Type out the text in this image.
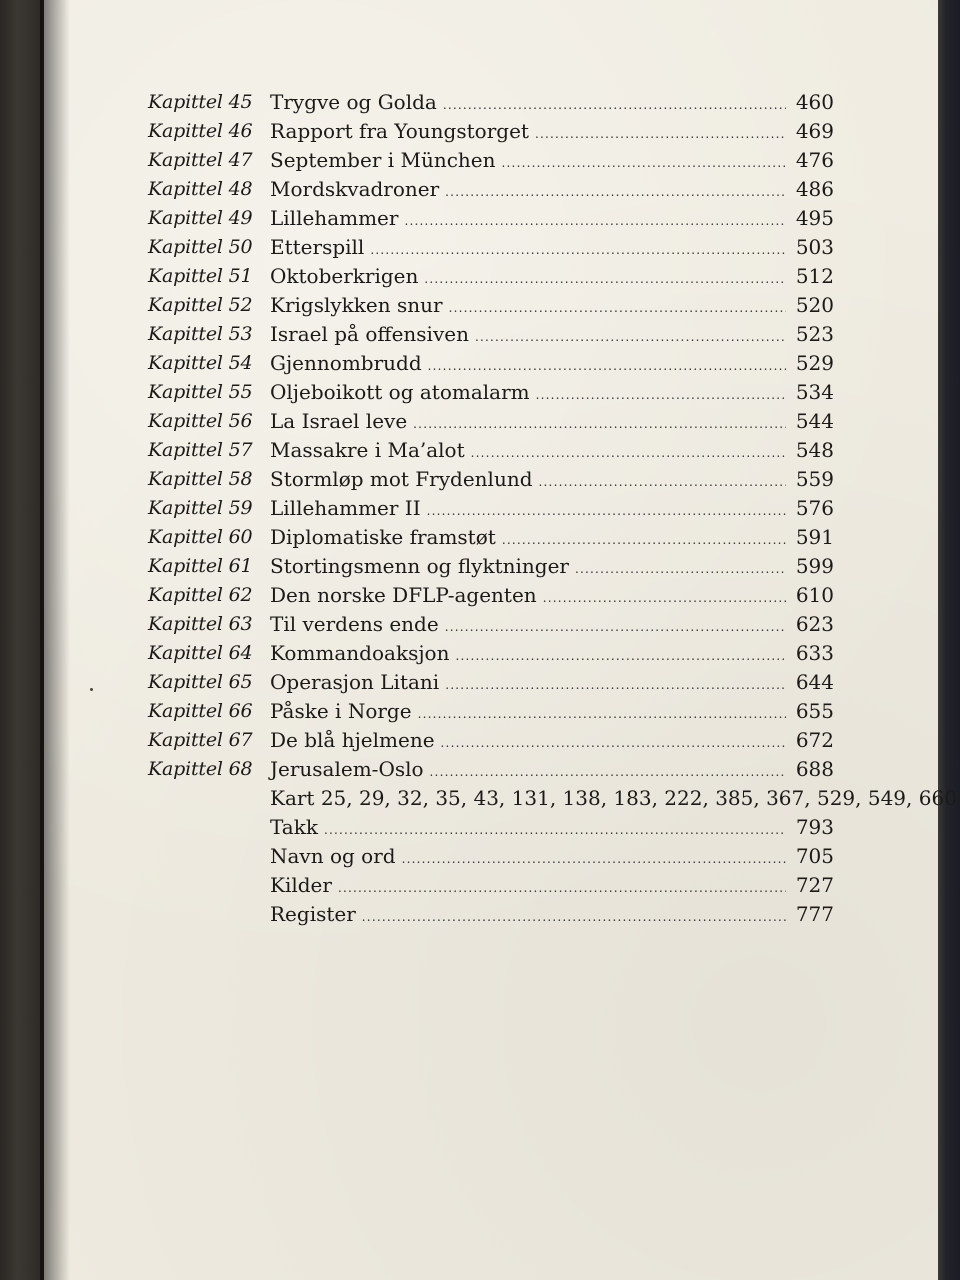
Kapittel 45 Trygve og Golda .....	460
Kapittel 46 Rapport fra Youngstorget .....	469
Kapittel 47 September i München .....	476
Kapittel 48 Mordskvadroner .....	486
Kapittel 49 Lillehammer .....	495
Kapittel 50 Etterspill .....	503
Kapittel 51 Oktoberkrigen .....	512
Kapittel 52 Krigslykken snur .....	520
Kapittel 53 Israel på offensiven .....	523
Kapittel 54 Gjennombrudd .....	529
Kapittel 55 Oljeboikott og atomalarm .....	534
Kapittel 56 La Israel leve .....	544
Kapittel 57 Massakre i Ma’alot .....	548
Kapittel 58 Stormløp mot Frydenlund .....	559
Kapittel 59 Lillehammer II .....	576
Kapittel 60 Diplomatiske framstøt .....	591
Kapittel 61 Stortingsmenn og flyktninger .....	599
Kapittel 62 Den norske DFLP-agenten .....	610
Kapittel 63 Til verdens ende .....	623
Kapittel 64 Kommandoaksjon .....	633
Kapittel 65 Operasjon Litani .....	644
Kapittel 66 Påske i Norge .....	655
Kapittel 67 De blå hjelmene .....	672
Kapittel 68 Jerusalem-Oslo .....	688
Kart 25, 29, 32, 35, 43, 131, 138, 183, 222, 385, 367, 529, 549, 660
Takk .....	793
Navn og ord .....	705
Kilder .....	727
Register .....	777
